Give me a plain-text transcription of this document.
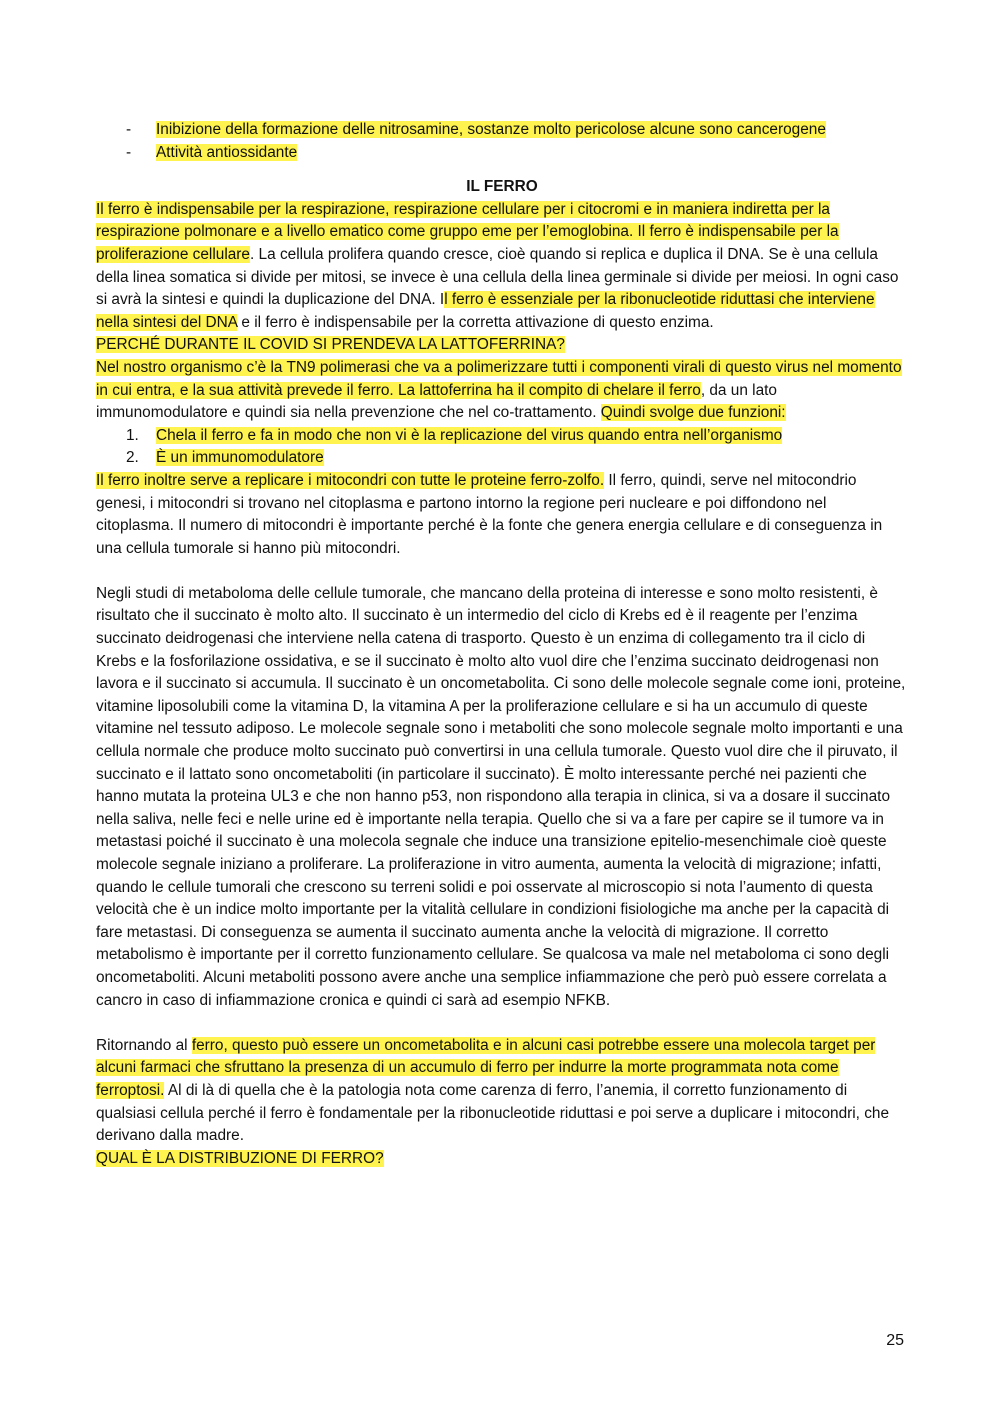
- Inibizione della formazione delle nitrosamine, sostanze molto pericolose alcune sono cancerogene
- Attività antiossidante
IL FERRO

Il ferro è indispensabile per la respirazione, respirazione cellulare per i citocromi e in maniera indiretta per la respirazione polmonare e a livello ematico come gruppo eme per l’emoglobina. Il ferro è indispensabile per la proliferazione cellulare. La cellula prolifera quando cresce, cioè quando si replica e duplica il DNA. Se è una cellula della linea somatica si divide per mitosi, se invece è una cellula della linea germinale si divide per meiosi. In ogni caso si avrà la sintesi e quindi la duplicazione del DNA. Il ferro è essenziale per la ribonucleotide riduttasi che interviene nella sintesi del DNA e il ferro è indispensabile per la corretta attivazione di questo enzima.

PERCHÉ DURANTE IL COVID SI PRENDEVA LA LATTOFERRINA?

Nel nostro organismo c’è la TN9 polimerasi che va a polimerizzare tutti i componenti virali di questo virus nel momento in cui entra, e la sua attività prevede il ferro. La lattoferrina ha il compito di chelare il ferro, da un lato immunomodulatore e quindi sia nella prevenzione che nel co-trattamento. Quindi svolge due funzioni:

1. Chela il ferro e fa in modo che non vi è la replicazione del virus quando entra nell’organismo
2. È un immunomodulatore

Il ferro inoltre serve a replicare i mitocondri con tutte le proteine ferro-zolfo. Il ferro, quindi, serve nel mitocondrio genesi, i mitocondri si trovano nel citoplasma e partono intorno la regione peri nucleare e poi diffondono nel citoplasma. Il numero di mitocondri è importante perché è la fonte che genera energia cellulare e di conseguenza in una cellula tumorale si hanno più mitocondri.

Negli studi di metaboloma delle cellule tumorale, che mancano della proteina di interesse e sono molto resistenti, è risultato che il succinato è molto alto. Il succinato è un intermedio del ciclo di Krebs ed è il reagente per l’enzima succinato deidrogenasi che interviene nella catena di trasporto. Questo è un enzima di collegamento tra il ciclo di Krebs e la fosforilazione ossidativa, e se il succinato è molto alto vuol dire che l’enzima succinato deidrogenasi non lavora e il succinato si accumula. Il succinato è un oncometabolita. Ci sono delle molecole segnale come ioni, proteine, vitamine liposolubili come la vitamina D, la vitamina A per la proliferazione cellulare e si ha un accumulo di queste vitamine nel tessuto adiposo. Le molecole segnale sono i metaboliti che sono molecole segnale molto importanti e una cellula normale che produce molto succinato può convertirsi in una cellula tumorale. Questo vuol dire che il piruvato, il succinato e il lattato sono oncometaboliti (in particolare il succinato). È molto interessante perché nei pazienti che hanno mutata la proteina UL3 e che non hanno p53, non rispondono alla terapia in clinica, si va a dosare il succinato nella saliva, nelle feci e nelle urine ed è importante nella terapia. Quello che si va a fare per capire se il tumore va in metastasi poiché il succinato è una molecola segnale che induce una transizione epitelio-mesenchimale cioè queste molecole segnale iniziano a proliferare. La proliferazione in vitro aumenta, aumenta la velocità di migrazione; infatti, quando le cellule tumorali che crescono su terreni solidi e poi osservate al microscopio si nota l’aumento di questa velocità che è un indice molto importante per la vitalità cellulare in condizioni fisiologiche ma anche per la capacità di fare metastasi. Di conseguenza se aumenta il succinato aumenta anche la velocità di migrazione. Il corretto metabolismo è importante per il corretto funzionamento cellulare. Se qualcosa va male nel metaboloma ci sono degli oncometaboliti. Alcuni metaboliti possono avere anche una semplice infiammazione che però può essere correlata a cancro in caso di infiammazione cronica e quindi ci sarà ad esempio NFKB.

Ritornando al ferro, questo può essere un oncometabolita e in alcuni casi potrebbe essere una molecola target per alcuni farmaci che sfruttano la presenza di un accumulo di ferro per indurre la morte programmata nota come ferroptosi. Al di là di quella che è la patologia nota come carenza di ferro, l’anemia, il corretto funzionamento di qualsiasi cellula perché il ferro è fondamentale per la ribonucleotide riduttasi e poi serve a duplicare i mitocondri, che derivano dalla madre.

QUAL È LA DISTRIBUZIONE DI FERRO?

25
